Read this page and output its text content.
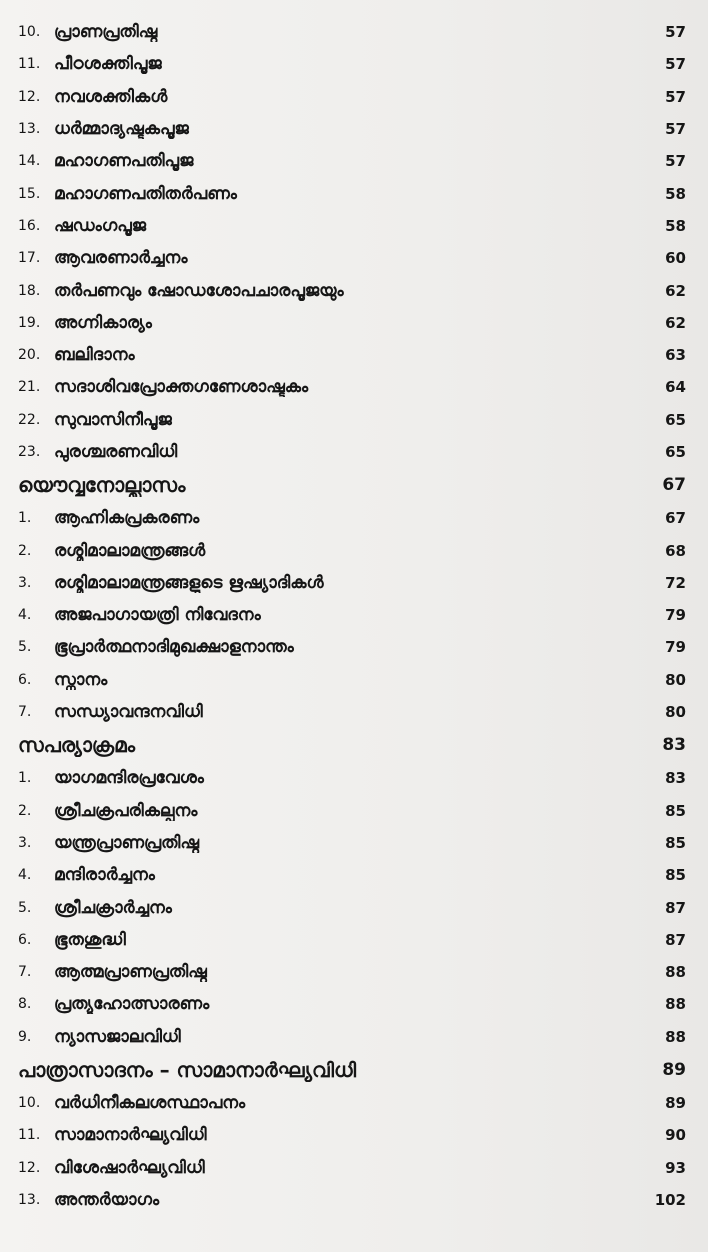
10. പ്രാണപ്രതിഷ്ഠ	57
11. പീഠശക്തിപൂജ	57
12. നവശക്തികൾ	57
13. ധർമ്മാദ്യഷ്ടകപൂജ	57
14. മഹാഗണപതിപൂജ	57
15. മഹാഗണപതിതർപണം	58
16. ഷഡംഗപൂജ	58
17. ആവരണാർച്ചനം	60
18. തർപണവും ഷോഡശോപചാരപൂജയും	62
19. അഗ്നികാര്യം	62
20. ബലിദാനം	63
21. സദാശിവപ്രോക്തഗണേശാഷ്ടകം	64
22. സുവാസിനീപൂജ	65
23. പുരശ്ചരണവിധി	65
യൌവ്വനോല്ലാസം	67
1.	ആഹ്നികപ്രകരണം	67
2.	രശ്മിമാലാമന്ത്രങ്ങൾ	68
3.	രശ്മിമാലാമന്ത്രങ്ങളുടെ ഋഷ്യാദികൾ	72
4.	അജപാഗായത്രി നിവേദനം	79
5.	ഭൂപ്രാർത്ഥനാദിമുഖക്ഷാളനാന്തം	79
6.	സ്നാനം	80
7.	സന്ധ്യാവന്ദനവിധി	80
സപര്യാക്രമം	83
1.	യാഗമന്ദിരപ്രവേശം	83
2.	ശ്രീചക്രപരികല്പനം	85
3.	യന്ത്രപ്രാണപ്രതിഷ്ഠ	85
4.	മന്ദിരാർച്ചനം	85
5.	ശ്രീചക്രാർച്ചനം	87
6.	ഭൂതശുദ്ധി	87
7.	ആത്മപ്രാണപ്രതിഷ്ഠ	88
8.	പ്രത്യൂഹോത്സാരണം	88
9.	ന്യാസജാലവിധി	88
പാത്രാസാദനം – സാമാനാർഘ്യവിധി	89
10. വർധിനീകലശസ്ഥാപനം	89
11. സാമാനാർഘ്യവിധി	90
12. വിശേഷാർഘ്യവിധി	93
13. അന്തർയാഗം	102
